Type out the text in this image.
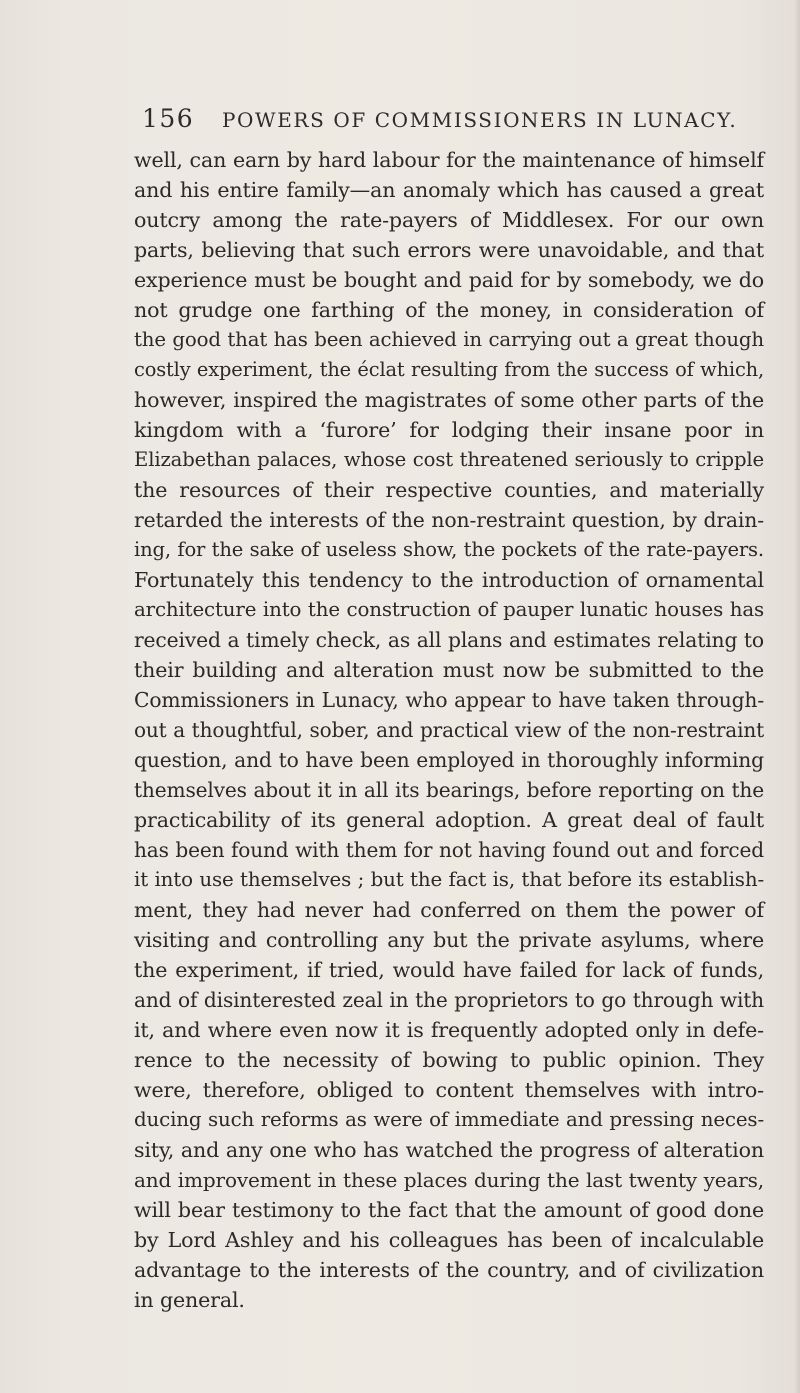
156 POWERS OF COMMISSIONERS IN LUNACY.
well, can earn by hard labour for the maintenance of himself
and his entire family—an anomaly which has caused a great
outcry among the rate-payers of Middlesex. For our own
parts, believing that such errors were unavoidable, and that
experience must be bought and paid for by somebody, we do
not grudge one farthing of the money, in consideration of
the good that has been achieved in carrying out a great though
costly experiment, the éclat resulting from the success of which,
however, inspired the magistrates of some other parts of the
kingdom with a ‘furore’ for lodging their insane poor in
Elizabethan palaces, whose cost threatened seriously to cripple
the resources of their respective counties, and materially
retarded the interests of the non-restraint question, by drain-
ing, for the sake of useless show, the pockets of the rate-payers.
Fortunately this tendency to the introduction of ornamental
architecture into the construction of pauper lunatic houses has
received a timely check, as all plans and estimates relating to
their building and alteration must now be submitted to the
Commissioners in Lunacy, who appear to have taken through-
out a thoughtful, sober, and practical view of the non-restraint
question, and to have been employed in thoroughly informing
themselves about it in all its bearings, before reporting on the
practicability of its general adoption. A great deal of fault
has been found with them for not having found out and forced
it into use themselves ; but the fact is, that before its establish-
ment, they had never had conferred on them the power of
visiting and controlling any but the private asylums, where
the experiment, if tried, would have failed for lack of funds,
and of disinterested zeal in the proprietors to go through with
it, and where even now it is frequently adopted only in defe-
rence to the necessity of bowing to public opinion. They
were, therefore, obliged to content themselves with intro-
ducing such reforms as were of immediate and pressing neces-
sity, and any one who has watched the progress of alteration
and improvement in these places during the last twenty years,
will bear testimony to the fact that the amount of good done
by Lord Ashley and his colleagues has been of incalculable
advantage to the interests of the country, and of civilization
in general.
